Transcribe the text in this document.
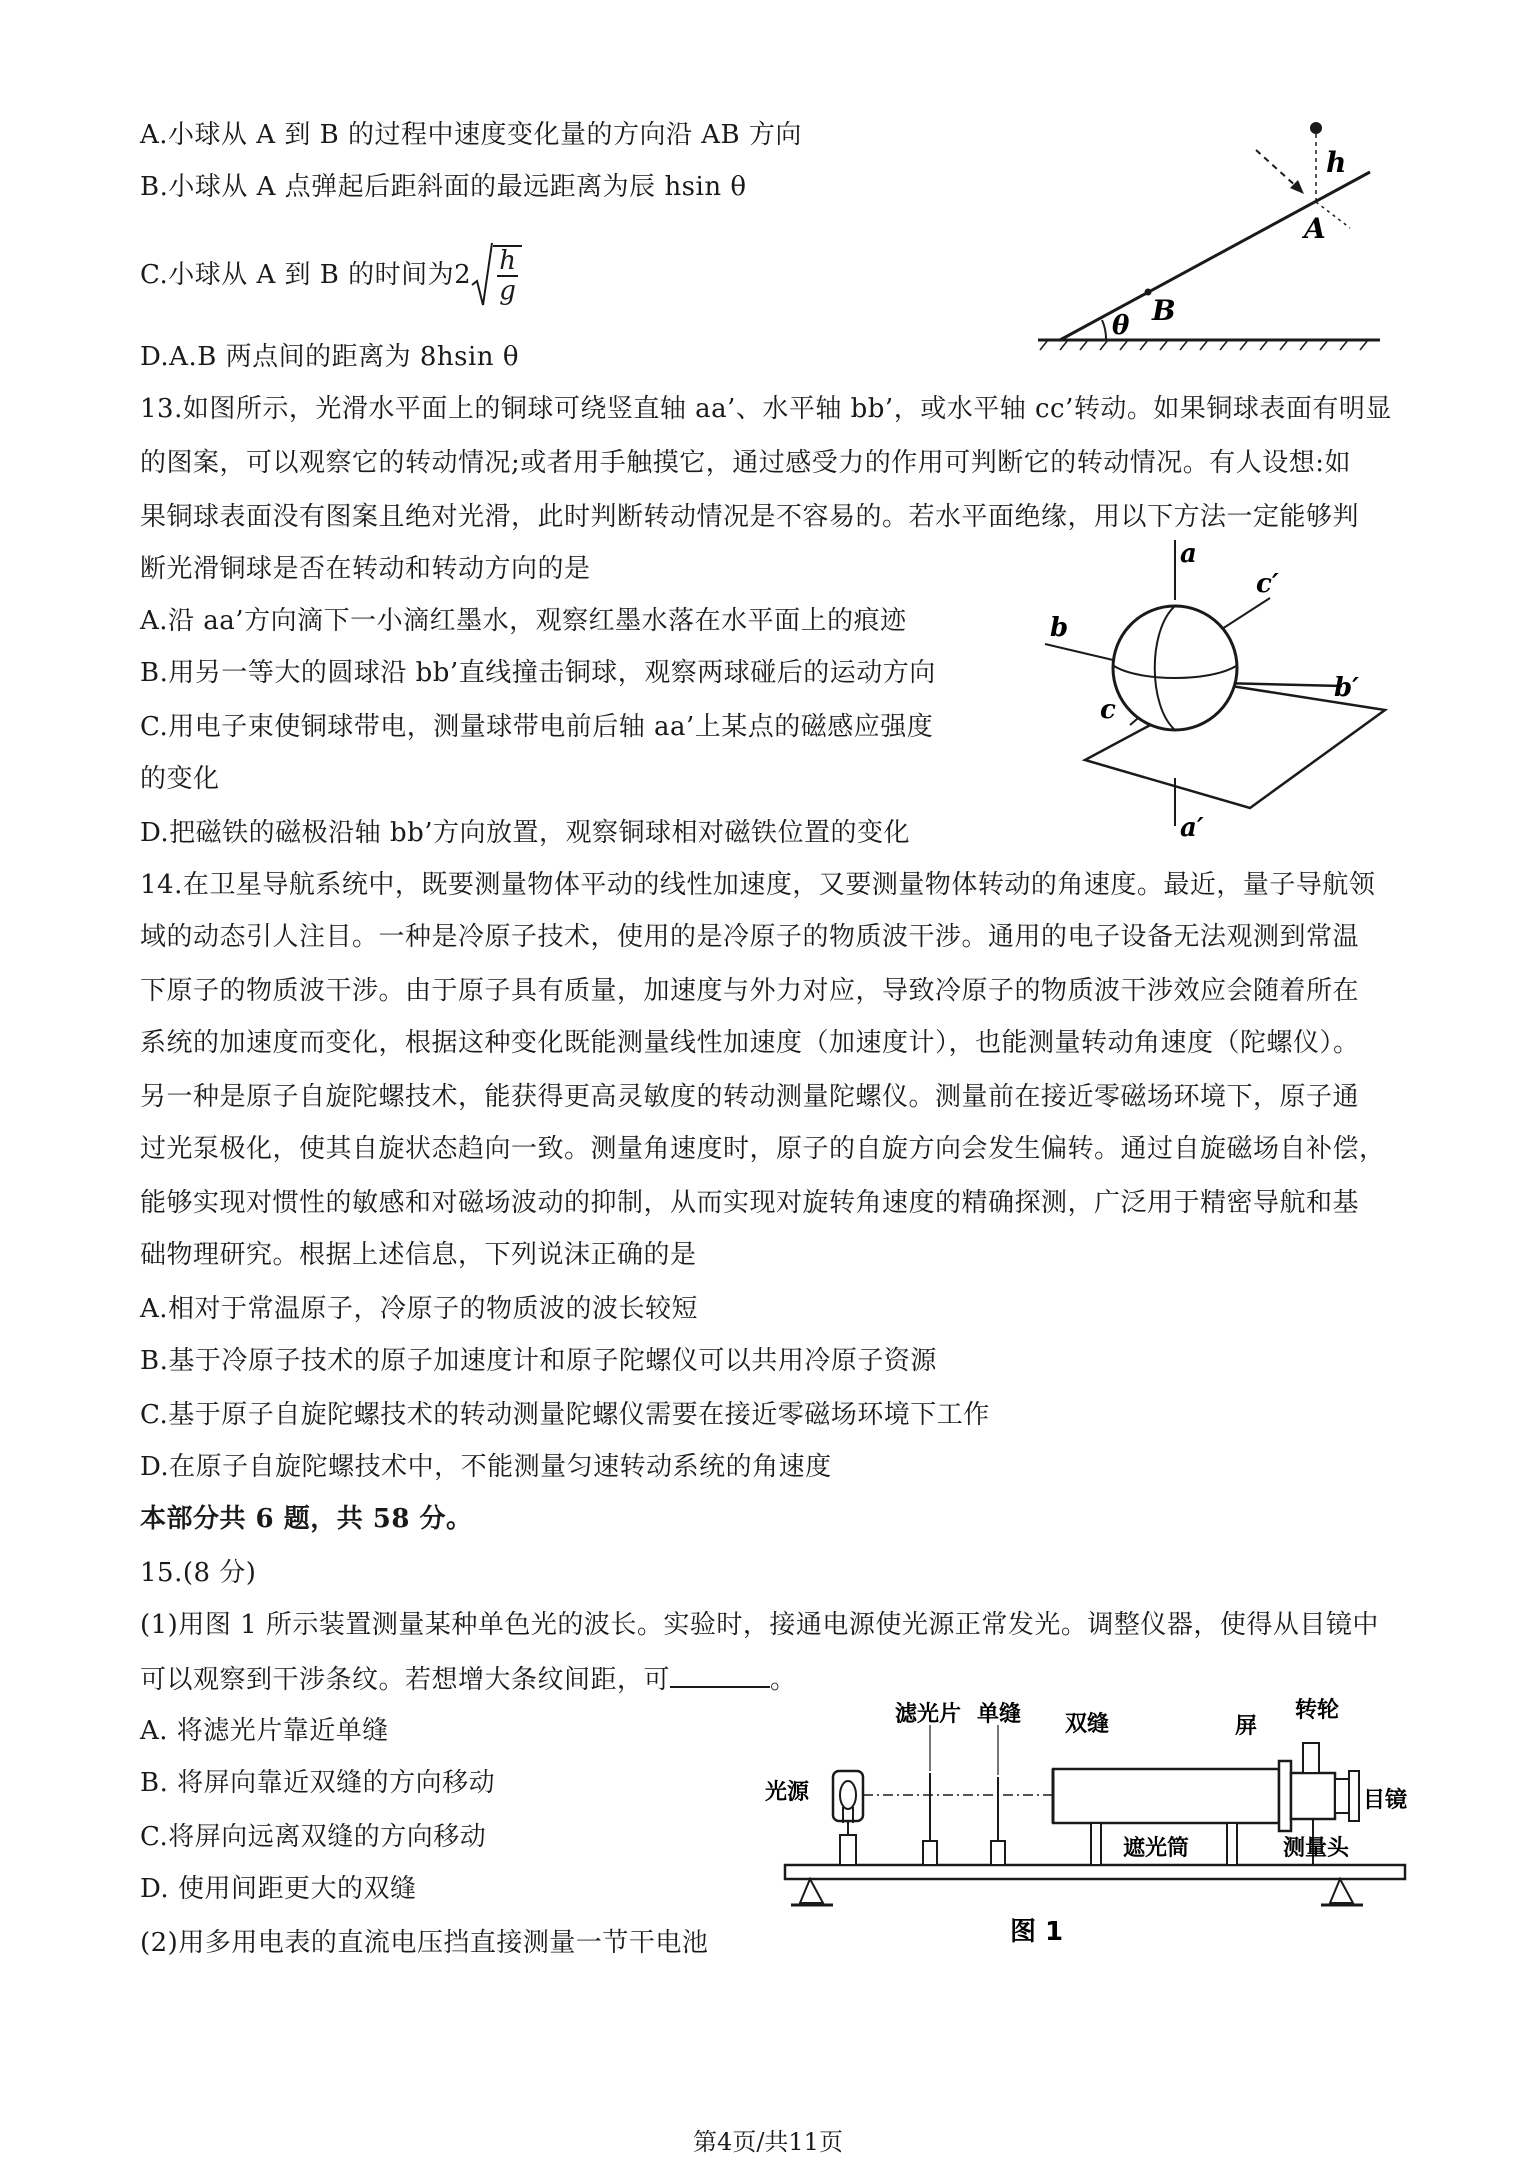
A.小球从 A 到 B 的过程中速度变化量的方向沿 AB 方向
B.小球从 A 点弹起后距斜面的最远距离为辰 hsin θ
C.小球从 A 到 B 的时间为$2 \frac{h}{g}$
D.A.B 两点间的距离为 8hsin θ
h
A
B
θ
13.如图所示，光滑水平面上的铜球可绕竖直轴 aa’、水平轴 bb’，或水平轴 cc’转动。如果铜球表面有明显
的图案，可以观察它的转动情况;或者用手触摸它，通过感受力的作用可判断它的转动情况。有人设想:如
果铜球表面没有图案且绝对光滑，此时判断转动情况是不容易的。若水平面绝缘，用以下方法一定能够判
断光滑铜球是否在转动和转动方向的是
A.沿 aa’方向滴下一小滴红墨水，观察红墨水落在水平面上的痕迹
B.用另一等大的圆球沿 bb’直线撞击铜球，观察两球碰后的运动方向
C.用电子束使铜球带电，测量球带电前后轴 aa’上某点的磁感应强度
的变化
D.把磁铁的磁极沿轴 bb’方向放置，观察铜球相对磁铁位置的变化
a
a′
b
b′
c
c′
14.在卫星导航系统中，既要测量物体平动的线性加速度，又要测量物体转动的角速度。最近，量子导航领
域的动态引人注目。一种是冷原子技术，使用的是冷原子的物质波干涉。通用的电子设备无法观测到常温
下原子的物质波干涉。由于原子具有质量，加速度与外力对应，导致冷原子的物质波干涉效应会随着所在
系统的加速度而变化，根据这种变化既能测量线性加速度（加速度计），也能测量转动角速度（陀螺仪）。
另一种是原子自旋陀螺技术，能获得更高灵敏度的转动测量陀螺仪。测量前在接近零磁场环境下，原子通
过光泵极化，使其自旋状态趋向一致。测量角速度时，原子的自旋方向会发生偏转。通过自旋磁场自补偿，
能够实现对惯性的敏感和对磁场波动的抑制，从而实现对旋转角速度的精确探测，广泛用于精密导航和基
础物理研究。根据上述信息，下列说沫正确的是
A.相对于常温原子，冷原子的物质波的波长较短
B.基于冷原子技术的原子加速度计和原子陀螺仪可以共用冷原子资源
C.基于原子自旋陀螺技术的转动测量陀螺仪需要在接近零磁场环境下工作
D.在原子自旋陀螺技术中，不能测量匀速转动系统的角速度
本部分共 6 题，共 58 分。
15.(8 分)
(1)用图 1 所示装置测量某种单色光的波长。实验时，接通电源使光源正常发光。调整仪器，使得从目镜中
可以观察到干涉条纹。若想增大条纹间距，可	。
A. 将滤光片靠近单缝
B. 将屏向靠近双缝的方向移动
C.将屏向远离双缝的方向移动
D. 使用间距更大的双缝
(2)用多用电表的直流电压挡直接测量一节干电池
光源
滤光片 单缝 双缝	屏
转轮
目镜
遮光筒	测量头
图 1
第4页/共11页
